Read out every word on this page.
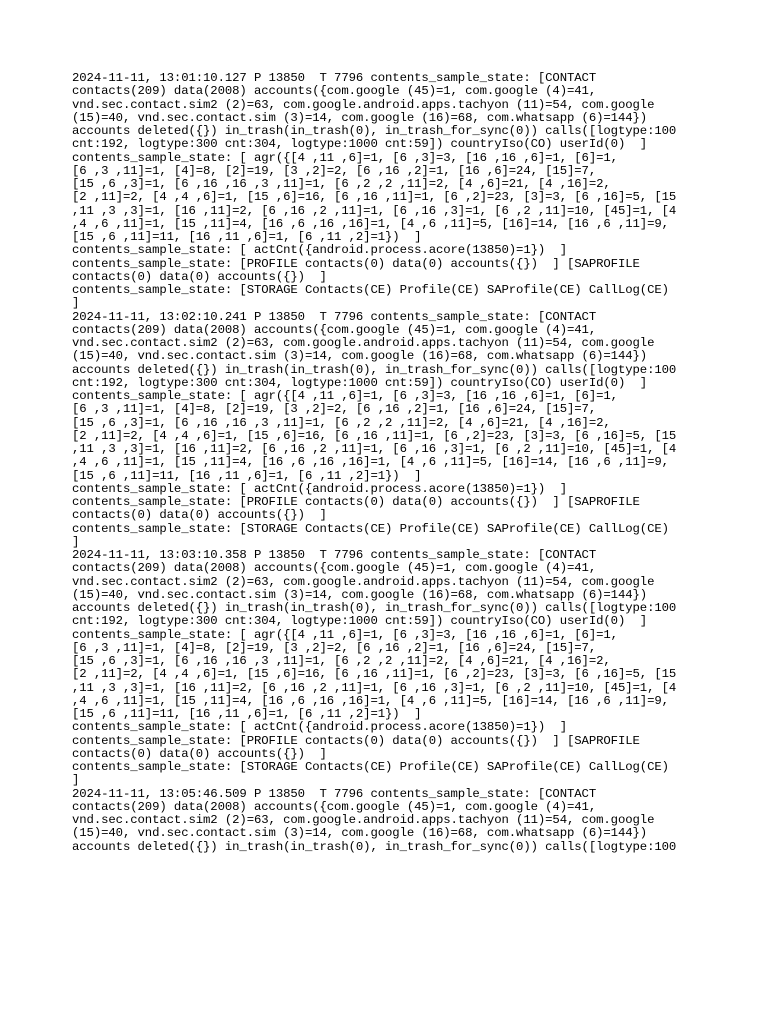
2024-11-11, 13:01:10.127 P 13850  T 7796 contents_sample_state: [CONTACT
contacts(209) data(2008) accounts({com.google (45)=1, com.google (4)=41,
vnd.sec.contact.sim2 (2)=63, com.google.android.apps.tachyon (11)=54, com.google
(15)=40, vnd.sec.contact.sim (3)=14, com.google (16)=68, com.whatsapp (6)=144})
accounts deleted({}) in_trash(in_trash(0), in_trash_for_sync(0)) calls([logtype:100
cnt:192, logtype:300 cnt:304, logtype:1000 cnt:59]) countryIso(CO) userId(0)  ]
contents_sample_state: [ agr({[4 ,11 ,6]=1, [6 ,3]=3, [16 ,16 ,6]=1, [6]=1,
[6 ,3 ,11]=1, [4]=8, [2]=19, [3 ,2]=2, [6 ,16 ,2]=1, [16 ,6]=24, [15]=7,
[15 ,6 ,3]=1, [6 ,16 ,16 ,3 ,11]=1, [6 ,2 ,2 ,11]=2, [4 ,6]=21, [4 ,16]=2,
[2 ,11]=2, [4 ,4 ,6]=1, [15 ,6]=16, [6 ,16 ,11]=1, [6 ,2]=23, [3]=3, [6 ,16]=5, [15
,11 ,3 ,3]=1, [16 ,11]=2, [6 ,16 ,2 ,11]=1, [6 ,16 ,3]=1, [6 ,2 ,11]=10, [45]=1, [4
,4 ,6 ,11]=1, [15 ,11]=4, [16 ,6 ,16 ,16]=1, [4 ,6 ,11]=5, [16]=14, [16 ,6 ,11]=9,
[15 ,6 ,11]=11, [16 ,11 ,6]=1, [6 ,11 ,2]=1})  ]
contents_sample_state: [ actCnt({android.process.acore(13850)=1})  ]
contents_sample_state: [PROFILE contacts(0) data(0) accounts({})  ] [SAPROFILE
contacts(0) data(0) accounts({})  ]
contents_sample_state: [STORAGE Contacts(CE) Profile(CE) SAProfile(CE) CallLog(CE)
]
2024-11-11, 13:02:10.241 P 13850  T 7796 contents_sample_state: [CONTACT
contacts(209) data(2008) accounts({com.google (45)=1, com.google (4)=41,
vnd.sec.contact.sim2 (2)=63, com.google.android.apps.tachyon (11)=54, com.google
(15)=40, vnd.sec.contact.sim (3)=14, com.google (16)=68, com.whatsapp (6)=144})
accounts deleted({}) in_trash(in_trash(0), in_trash_for_sync(0)) calls([logtype:100
cnt:192, logtype:300 cnt:304, logtype:1000 cnt:59]) countryIso(CO) userId(0)  ]
contents_sample_state: [ agr({[4 ,11 ,6]=1, [6 ,3]=3, [16 ,16 ,6]=1, [6]=1,
[6 ,3 ,11]=1, [4]=8, [2]=19, [3 ,2]=2, [6 ,16 ,2]=1, [16 ,6]=24, [15]=7,
[15 ,6 ,3]=1, [6 ,16 ,16 ,3 ,11]=1, [6 ,2 ,2 ,11]=2, [4 ,6]=21, [4 ,16]=2,
[2 ,11]=2, [4 ,4 ,6]=1, [15 ,6]=16, [6 ,16 ,11]=1, [6 ,2]=23, [3]=3, [6 ,16]=5, [15
,11 ,3 ,3]=1, [16 ,11]=2, [6 ,16 ,2 ,11]=1, [6 ,16 ,3]=1, [6 ,2 ,11]=10, [45]=1, [4
,4 ,6 ,11]=1, [15 ,11]=4, [16 ,6 ,16 ,16]=1, [4 ,6 ,11]=5, [16]=14, [16 ,6 ,11]=9,
[15 ,6 ,11]=11, [16 ,11 ,6]=1, [6 ,11 ,2]=1})  ]
contents_sample_state: [ actCnt({android.process.acore(13850)=1})  ]
contents_sample_state: [PROFILE contacts(0) data(0) accounts({})  ] [SAPROFILE
contacts(0) data(0) accounts({})  ]
contents_sample_state: [STORAGE Contacts(CE) Profile(CE) SAProfile(CE) CallLog(CE)
]
2024-11-11, 13:03:10.358 P 13850  T 7796 contents_sample_state: [CONTACT
contacts(209) data(2008) accounts({com.google (45)=1, com.google (4)=41,
vnd.sec.contact.sim2 (2)=63, com.google.android.apps.tachyon (11)=54, com.google
(15)=40, vnd.sec.contact.sim (3)=14, com.google (16)=68, com.whatsapp (6)=144})
accounts deleted({}) in_trash(in_trash(0), in_trash_for_sync(0)) calls([logtype:100
cnt:192, logtype:300 cnt:304, logtype:1000 cnt:59]) countryIso(CO) userId(0)  ]
contents_sample_state: [ agr({[4 ,11 ,6]=1, [6 ,3]=3, [16 ,16 ,6]=1, [6]=1,
[6 ,3 ,11]=1, [4]=8, [2]=19, [3 ,2]=2, [6 ,16 ,2]=1, [16 ,6]=24, [15]=7,
[15 ,6 ,3]=1, [6 ,16 ,16 ,3 ,11]=1, [6 ,2 ,2 ,11]=2, [4 ,6]=21, [4 ,16]=2,
[2 ,11]=2, [4 ,4 ,6]=1, [15 ,6]=16, [6 ,16 ,11]=1, [6 ,2]=23, [3]=3, [6 ,16]=5, [15
,11 ,3 ,3]=1, [16 ,11]=2, [6 ,16 ,2 ,11]=1, [6 ,16 ,3]=1, [6 ,2 ,11]=10, [45]=1, [4
,4 ,6 ,11]=1, [15 ,11]=4, [16 ,6 ,16 ,16]=1, [4 ,6 ,11]=5, [16]=14, [16 ,6 ,11]=9,
[15 ,6 ,11]=11, [16 ,11 ,6]=1, [6 ,11 ,2]=1})  ]
contents_sample_state: [ actCnt({android.process.acore(13850)=1})  ]
contents_sample_state: [PROFILE contacts(0) data(0) accounts({})  ] [SAPROFILE
contacts(0) data(0) accounts({})  ]
contents_sample_state: [STORAGE Contacts(CE) Profile(CE) SAProfile(CE) CallLog(CE)
]
2024-11-11, 13:05:46.509 P 13850  T 7796 contents_sample_state: [CONTACT
contacts(209) data(2008) accounts({com.google (45)=1, com.google (4)=41,
vnd.sec.contact.sim2 (2)=63, com.google.android.apps.tachyon (11)=54, com.google
(15)=40, vnd.sec.contact.sim (3)=14, com.google (16)=68, com.whatsapp (6)=144})
accounts deleted({}) in_trash(in_trash(0), in_trash_for_sync(0)) calls([logtype:100
